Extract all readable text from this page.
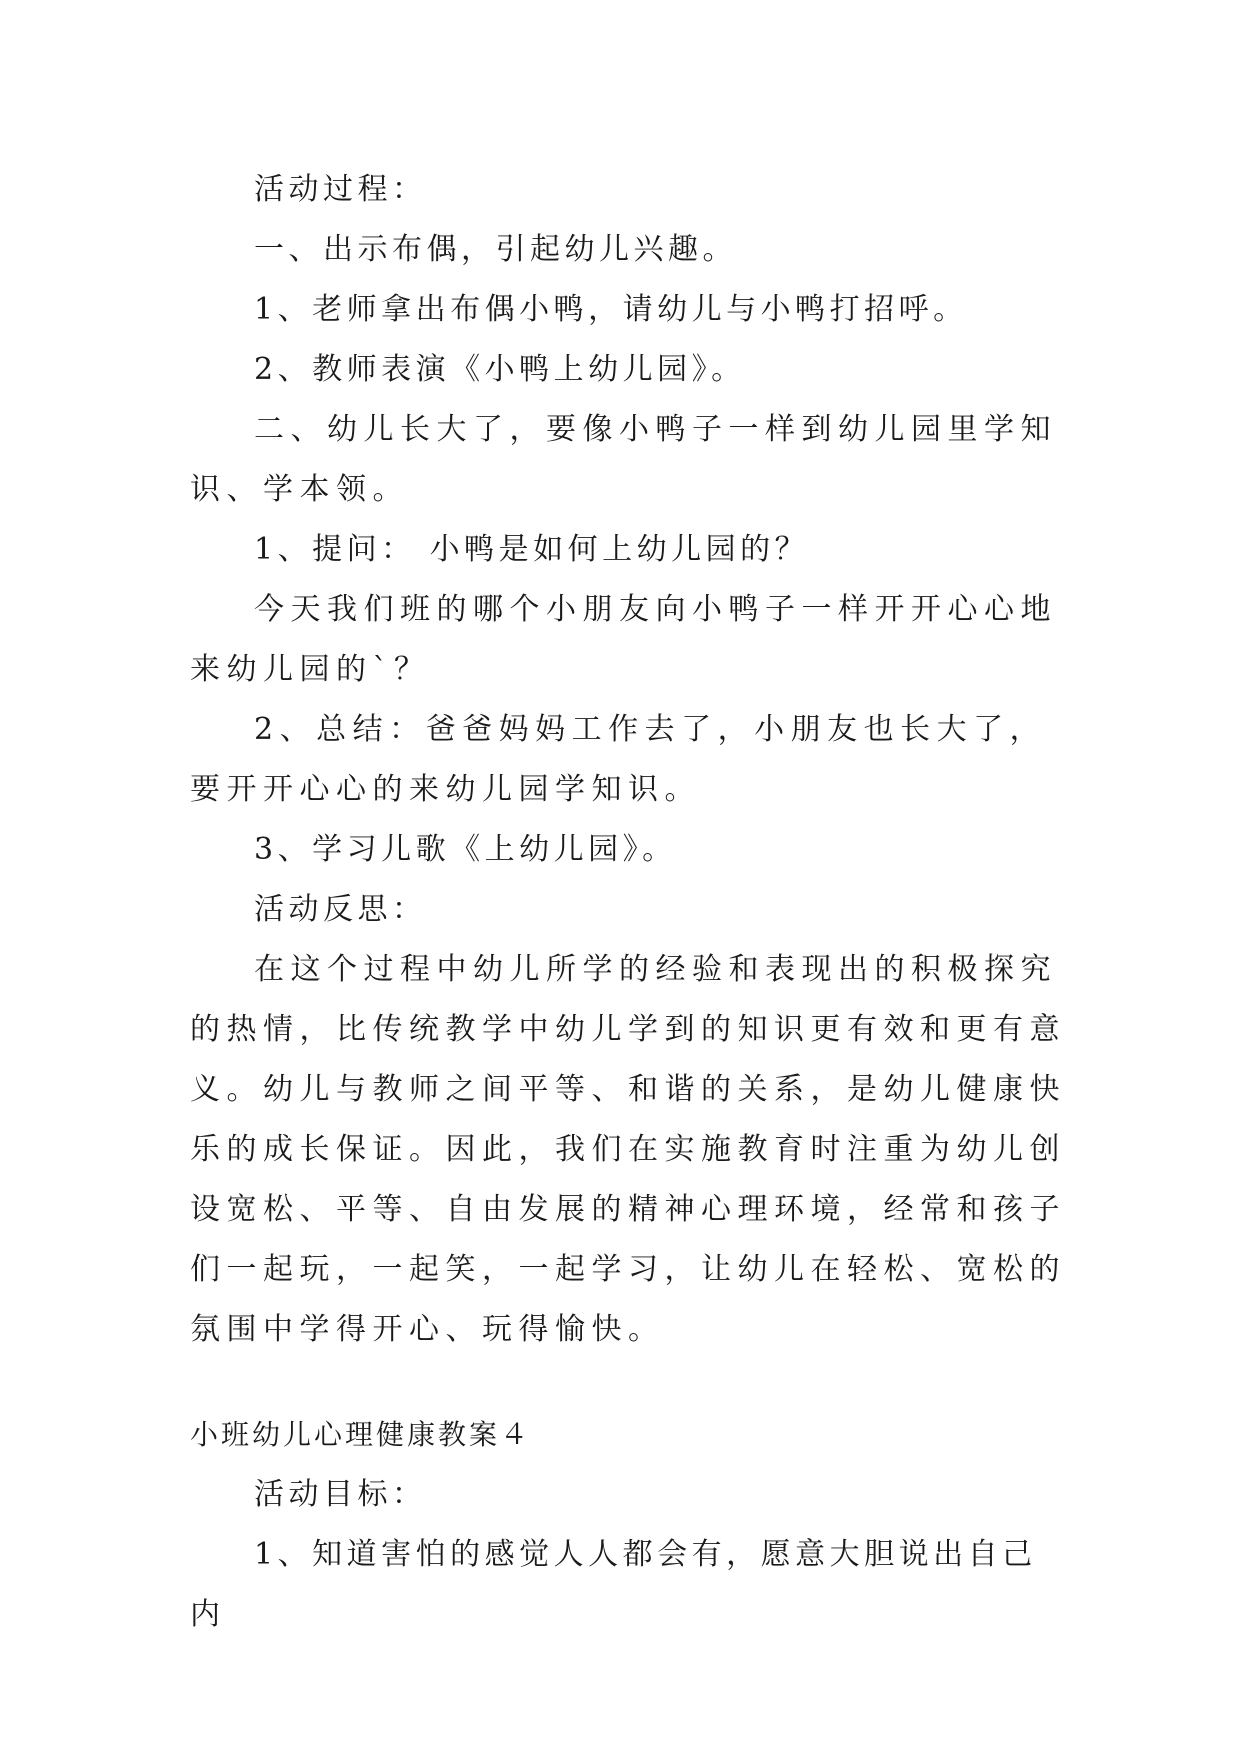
活动过程：

一、出示布偶，引起幼儿兴趣。

1、老师拿出布偶小鸭，请幼儿与小鸭打招呼。

2、教师表演《小鸭上幼儿园》。

二、幼儿长大了，要像小鸭子一样到幼儿园里学知识、学本领。

1、提问： 小鸭是如何上幼儿园的？

今天我们班的哪个小朋友向小鸭子一样开开心心地来幼儿园的`？

2、总结：爸爸妈妈工作去了，小朋友也长大了，要开开心心的来幼儿园学知识。

3、学习儿歌《上幼儿园》。

活动反思：

在这个过程中幼儿所学的经验和表现出的积极探究的热情，比传统教学中幼儿学到的知识更有效和更有意义。幼儿与教师之间平等、和谐的关系，是幼儿健康快乐的成长保证。因此，我们在实施教育时注重为幼儿创设宽松、平等、自由发展的精神心理环境，经常和孩子们一起玩，一起笑，一起学习，让幼儿在轻松、宽松的氛围中学得开心、玩得愉快。

小班幼儿心理健康教案４

活动目标：

1、知道害怕的感觉人人都会有，愿意大胆说出自己内
